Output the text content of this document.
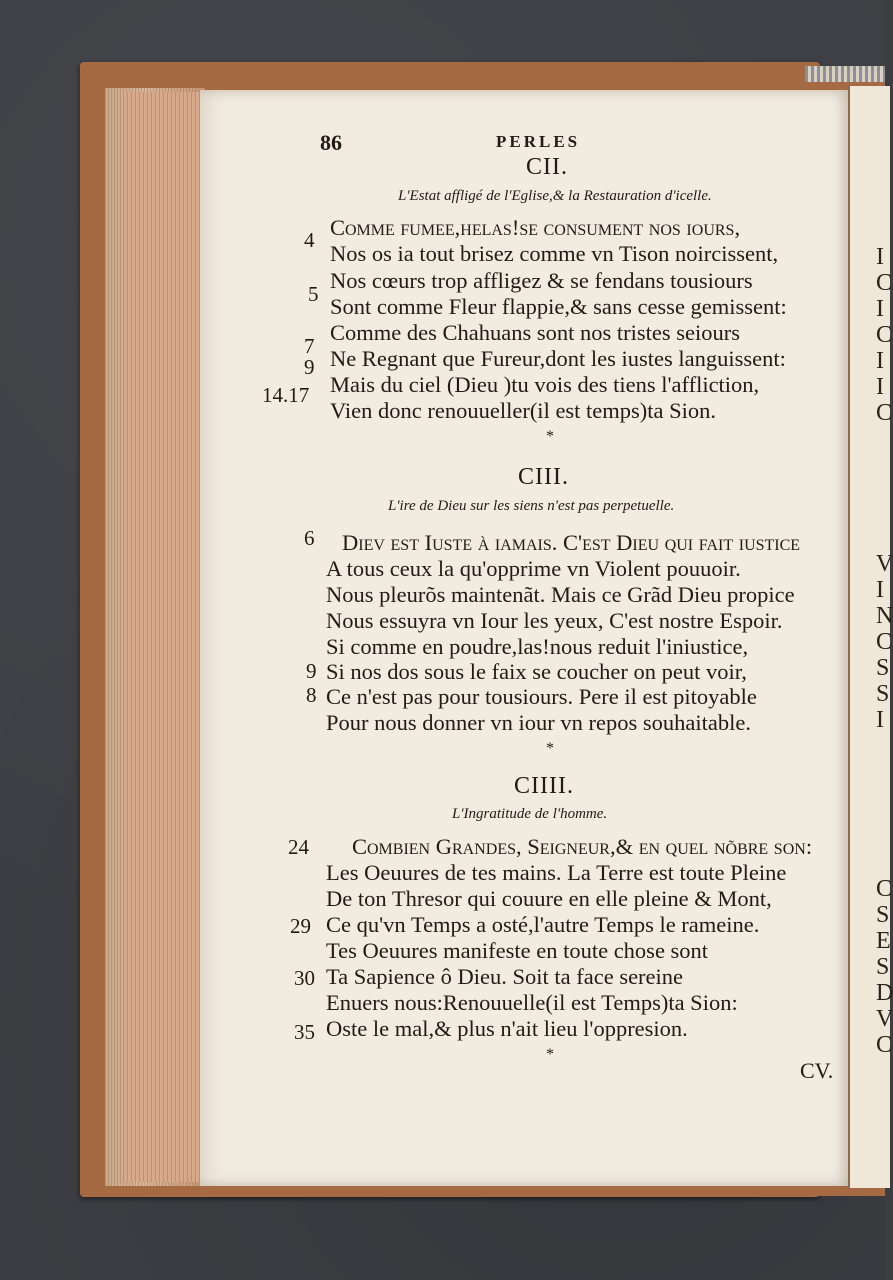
I
C
I
C
I
I
C
V
I
N
C
S
S
I
C
S
E
S
D
V
C
86	PERLES
CII.
L'Estat affligé de l'Eglise,& la Restauration d'icelle.
4
5
7
9
14.17
Comme fumee,helas!se consument nos iours,
Nos os ia tout brisez comme vn Tison noircissent,
Nos cœurs trop affligez & se fendans tousiours
Sont comme Fleur flappie,& sans cesse gemissent:
Comme des Chahuans sont nos tristes seiours
Ne Regnant que Fureur,dont les iustes languissent:
Mais du ciel (Dieu )tu vois des tiens l'affliction,
Vien donc renouueller(il est temps)ta Sion.
*
CIII.
L'ire de Dieu sur les siens n'est pas perpetuelle.
6
9
8
Diev est Iuste à iamais. C'est Dieu qui fait iustice
A tous ceux la qu'opprime vn Violent pouuoir.
Nous pleurõs maintenãt. Mais ce Grãd Dieu propice
Nous essuyra vn Iour les yeux, C'est nostre Espoir.
Si comme en poudre,las!nous reduit l'iniustice,
Si nos dos sous le faix se coucher on peut voir,
Ce n'est pas pour tousiours. Pere il est pitoyable
Pour nous donner vn iour vn repos souhaitable.
*
CIIII.
L'Ingratitude de l'homme.
24
29
30
35
Combien Grandes, Seigneur,& en quel nõbre son:
Les Oeuures de tes mains. La Terre est toute Pleine
De ton Thresor qui couure en elle pleine & Mont,
Ce qu'vn Temps a osté,l'autre Temps le rameine.
Tes Oeuures manifeste en toute chose sont
Ta Sapience ô Dieu. Soit ta face sereine
Enuers nous:Renouuelle(il est Temps)ta Sion:
Oste le mal,& plus n'ait lieu l'oppresion.
*
CV.
